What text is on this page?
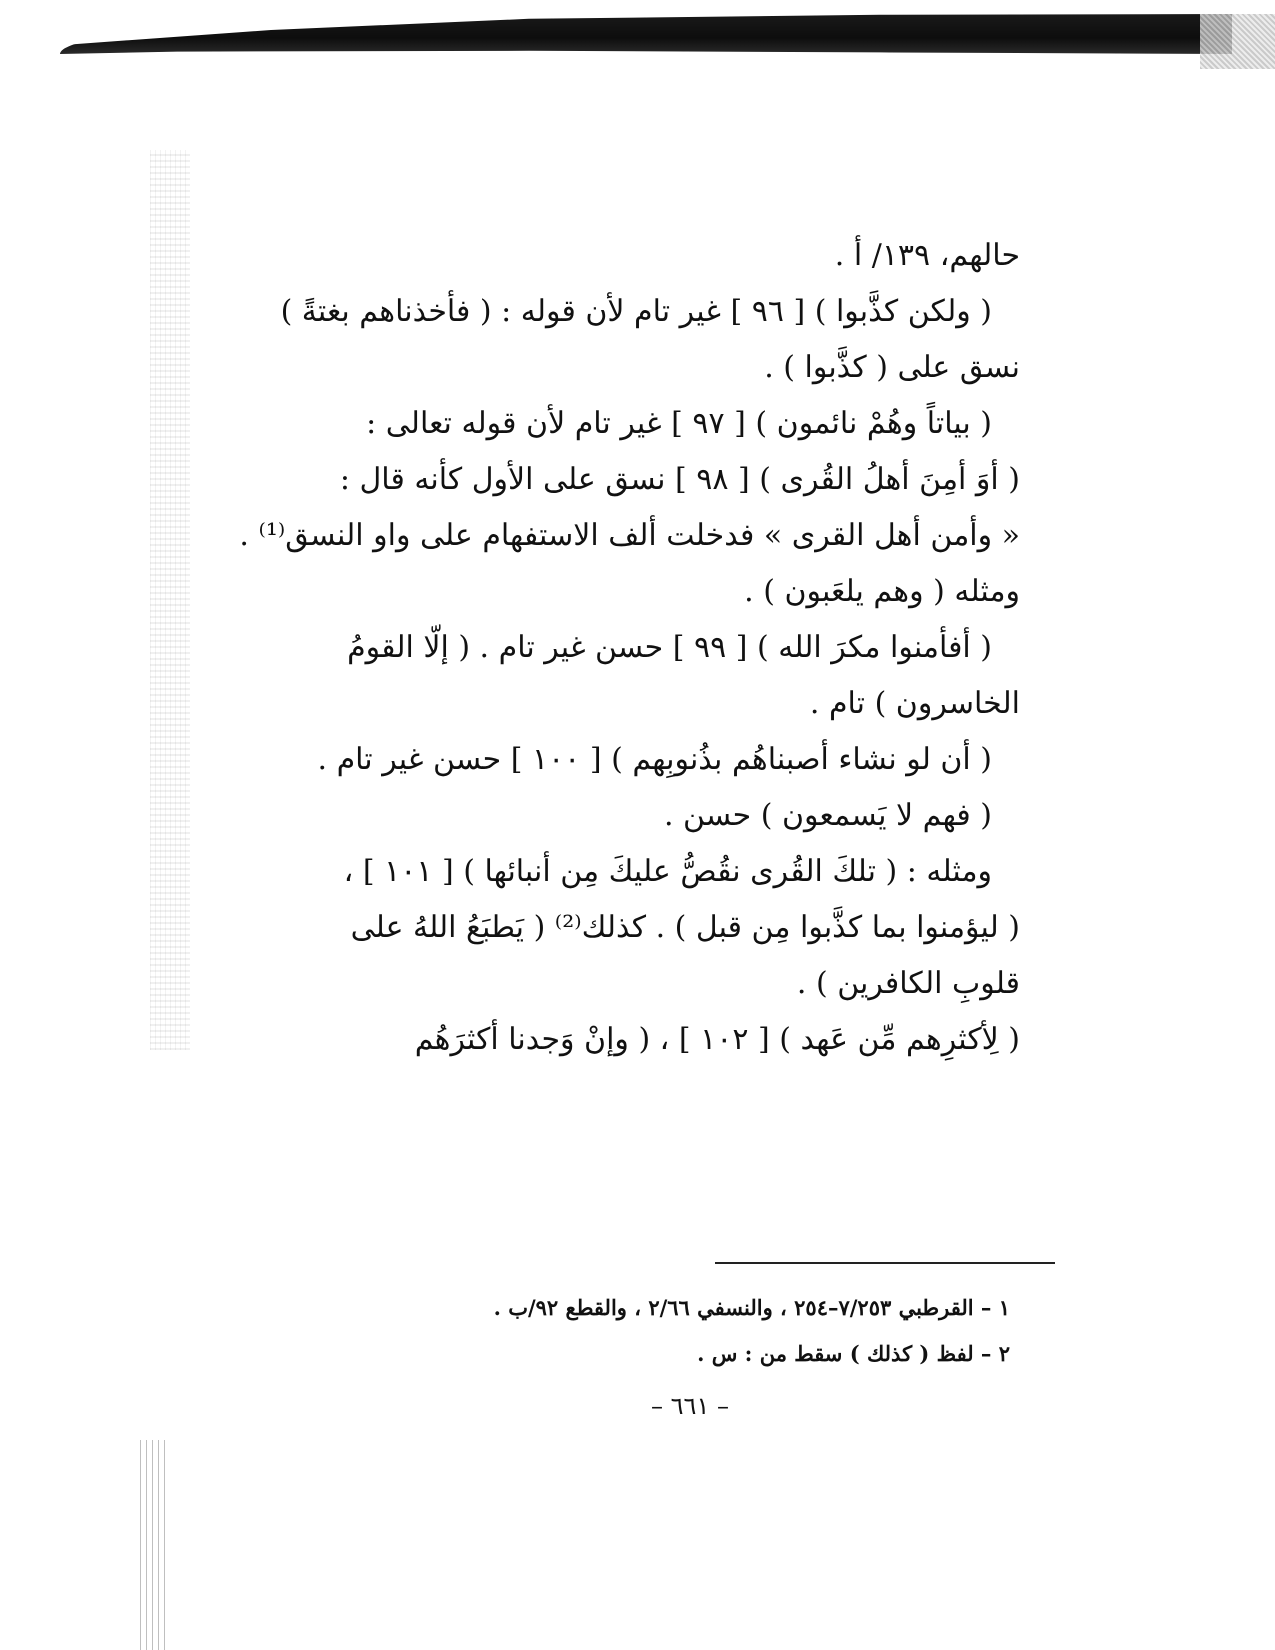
حالهم، ١٣٩/ أ .
( ولكن كذَّبوا ) [ ٩٦ ] غير تام لأن قوله : ( فأخذناهم بغتةً )
نسق على ( كذَّبوا ) .
( بياتاً وهُمْ نائمون ) [ ٩٧ ] غير تام لأن قوله تعالى :
( أوَ أمِنَ أهلُ القُرى ) [ ٩٨ ] نسق على الأول كأنه قال :
« وأمن أهل القرى » فدخلت ألف الاستفهام على واو النسق⁽¹⁾ .
ومثله ( وهم يلعَبون ) .
( أفأمنوا مكرَ الله ) [ ٩٩ ] حسن غير تام . ( إلّا القومُ
الخاسرون ) تام .
( أن لو نشاء أصبناهُم بذُنوبِهم ) [ ١٠٠ ] حسن غير تام .
( فهم لا يَسمعون ) حسن .
ومثله : ( تلكَ القُرى نقُصُّ عليكَ مِن أنبائها ) [ ١٠١ ] ،
( ليؤمنوا بما كذَّبوا مِن قبل ) . كذلك⁽²⁾ ( يَطبَعُ اللهُ على
قلوبِ الكافرين ) .
( لِأكثرِهم مِّن عَهد ) [ ١٠٢ ] ، ( وإنْ وَجدنا أكثرَهُم
١ – القرطبي ٧/٢٥٣–٢٥٤ ، والنسفي ٢/٦٦ ، والقطع ٩٢/ب .
٢ – لفظ ( كذلك ) سقط من : س .
– ٦٦١ –
